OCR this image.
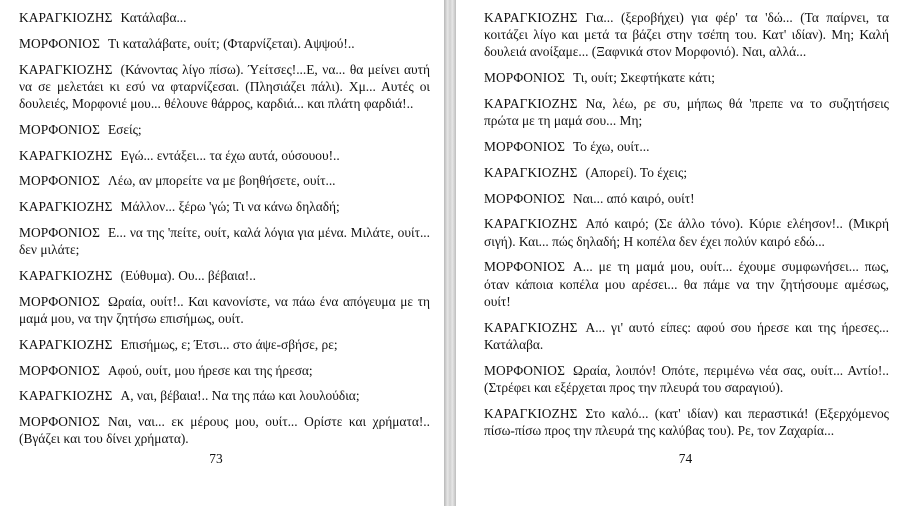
ΚΑΡΑΓΚΙΟΖΗΣ Κατάλαβα...

ΜΟΡΦΟΝΙΟΣ Τι καταλάβατε, ουίτ; (Φταρνίζεται). Αψψού!..

ΚΑΡΑΓΚΙΟΖΗΣ (Κάνοντας λίγο πίσω). Ύείτσες!...Ε, να... θα μείνει αυτή να σε μελετάει κι εσύ να φταρνίζεσαι. (Πλησιάζει πάλι). Χμ... Αυτές οι δουλειές, Μορφονιέ μου... θέλουνε θάρρος, καρδιά... και πλάτη φαρδιά!..

ΜΟΡΦΟΝΙΟΣ Εσείς;

ΚΑΡΑΓΚΙΟΖΗΣ Εγώ... εντάξει... τα έχω αυτά, ούσουου!..

ΜΟΡΦΟΝΙΟΣ Λέω, αν μπορείτε να με βοηθήσετε, ουίτ...

ΚΑΡΑΓΚΙΟΖΗΣ Μάλλον... ξέρω 'γώ; Τι να κάνω δηλαδή;

ΜΟΡΦΟΝΙΟΣ Ε... να της 'πείτε, ουίτ, καλά λόγια για μένα. Μιλάτε, ουίτ... δεν μιλάτε;

ΚΑΡΑΓΚΙΟΖΗΣ (Εύθυμα). Ου... βέβαια!..

ΜΟΡΦΟΝΙΟΣ Ωραία, ουίτ!.. Και κανονίστε, να πάω ένα απόγευμα με τη μαμά μου, να την ζητήσω επισήμως, ουίτ.

ΚΑΡΑΓΚΙΟΖΗΣ Επισήμως, ε; Έτσι... στο άψε-σβήσε, ρε;

ΜΟΡΦΟΝΙΟΣ Αφού, ουίτ, μου ήρεσε και της ήρεσα;

ΚΑΡΑΓΚΙΟΖΗΣ Α, ναι, βέβαια!.. Να της πάω και λουλούδια;

ΜΟΡΦΟΝΙΟΣ Ναι, ναι... εκ μέρους μου, ουίτ... Ορίστε και χρήματα!.. (Βγάζει και του δίνει χρήματα).

73

ΚΑΡΑΓΚΙΟΖΗΣ Για... (ξεροβήχει) για φέρ' τα 'δώ... (Τα παίρνει, τα κοιτάζει λίγο και μετά τα βάζει στην τσέπη του. Κατ' ιδίαν). Μη; Καλή δουλειά ανοίξαμε... (Ξαφνικά στον Μορφονιό). Ναι, αλλά...

ΜΟΡΦΟΝΙΟΣ Τι, ουίτ; Σκεφτήκατε κάτι;

ΚΑΡΑΓΚΙΟΖΗΣ Να, λέω, ρε συ, μήπως θά 'πρεπε να το συζητήσεις πρώτα με τη μαμά σου... Μη;

ΜΟΡΦΟΝΙΟΣ Το έχω, ουίτ...

ΚΑΡΑΓΚΙΟΖΗΣ (Απορεί). Το έχεις;

ΜΟΡΦΟΝΙΟΣ Ναι... από καιρό, ουίτ!

ΚΑΡΑΓΚΙΟΖΗΣ Από καιρό; (Σε άλλο τόνο). Κύριε ελέησον!.. (Μικρή σιγή). Και... πώς δηλαδή; Η κοπέλα δεν έχει πολύν καιρό εδώ...

ΜΟΡΦΟΝΙΟΣ Α... με τη μαμά μου, ουίτ... έχουμε συμφωνήσει... πως, όταν κάποια κοπέλα μου αρέσει... θα πάμε να την ζητήσουμε αμέσως, ουίτ!

ΚΑΡΑΓΚΙΟΖΗΣ Α... γι' αυτό είπες: αφού σου ήρεσε και της ήρεσες... Κατάλαβα.

ΜΟΡΦΟΝΙΟΣ Ωραία, λοιπόν! Οπότε, περιμένω νέα σας, ουίτ... Αντίο!.. (Στρέφει και εξέρχεται προς την πλευρά του σαραγιού).

ΚΑΡΑΓΚΙΟΖΗΣ Στο καλό... (κατ' ιδίαν) και περαστικά! (Εξερχόμενος πίσω-πίσω προς την πλευρά της καλύβας του). Ρε, τον Ζαχαρία...

74
